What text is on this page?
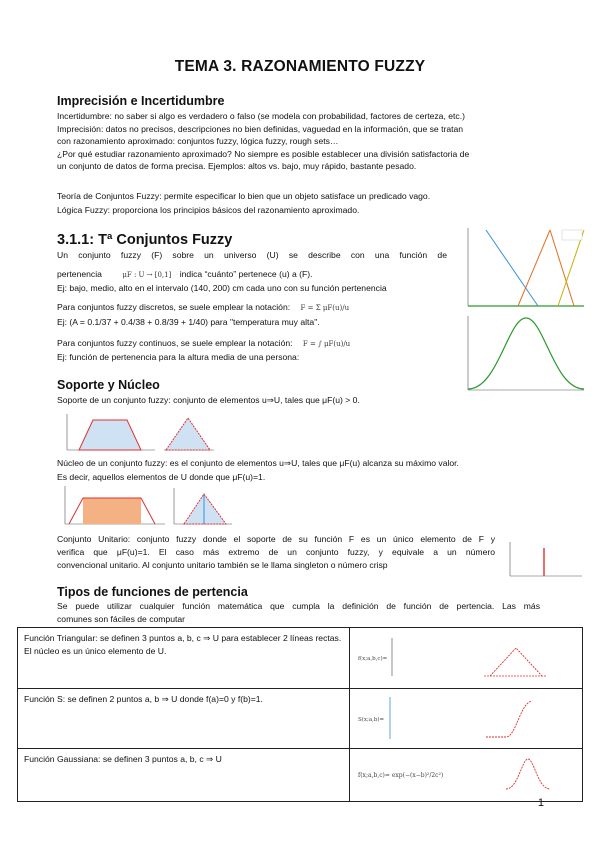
TEMA 3. RAZONAMIENTO FUZZY
Imprecisión e Incertidumbre
Incertidumbre: no saber si algo es verdadero o falso (se modela con probabilidad, factores de certeza, etc.)
Imprecisión: datos no precisos, descripciones no bien definidas, vaguedad en la información, que se tratan
con razonamiento aproximado: conjuntos fuzzy, lógica fuzzy, rough sets…
¿Por qué estudiar razonamiento aproximado? No siempre es posible establecer una división satisfactoria de
un conjunto de datos de forma precisa. Ejemplos: altos vs. bajo, muy rápido, bastante pesado.
Teoría de Conjuntos Fuzzy: permite especificar lo bien que un objeto satisface un predicado vago.
Lógica Fuzzy: proporciona los principios básicos del razonamiento aproximado.
3.1.1: Tª Conjuntos Fuzzy
Un conjunto fuzzy (F) sobre un universo (U) se describe con una función de
pertenencia	μF : U → [0,1] indica “cuánto” pertenece (u) a (F).
Ej: bajo, medio, alto en el intervalo (140, 200) cm cada uno con su función pertenencia
Para conjuntos fuzzy discretos, se suele emplear la notación: F = Σ μF(u)/u
Ej: (A = 0.1/37 + 0.4/38 + 0.8/39 + 1/40) para "temperatura muy alta".
Para conjuntos fuzzy continuos, se suele emplear la notación: F = ∫ μF(u)/u
Ej: función de pertenencia para la altura media de una persona:
Soporte y Núcleo
Soporte de un conjunto fuzzy: conjunto de elementos u⇒U, tales que μF(u) > 0.
Núcleo de un conjunto fuzzy: es el conjunto de elementos u⇒U, tales que μF(u) alcanza su máximo valor.
Es decir, aquellos elementos de U donde que μF(u)=1.
Conjunto Unitario: conjunto fuzzy donde el soporte de su función F es un único elemento de F y
verifica que μF(u)=1. El caso más extremo de un conjunto fuzzy, y equivale a un número
convencional unitario. Al conjunto unitario también se le llama singleton o número crisp
Tipos de funciones de pertencia
Se puede utilizar cualquier función matemática que cumpla la definición de función de pertencia. Las más
comunes son fáciles de computar
Función Triangular: se definen 3 puntos a, b, c ⇒ U para establecer 2 líneas rectas. El núcleo es un único elemento de U.	f(x;a,b,c)=

Función S: se definen 2 puntos a, b ⇒ U donde f(a)=0 y f(b)=1.	S(x;a,b)=

Función Gaussiana: se definen 3 puntos a, b, c ⇒ U	f(x;a,b,c)= exp(−(x−b)²/2c²)
1
